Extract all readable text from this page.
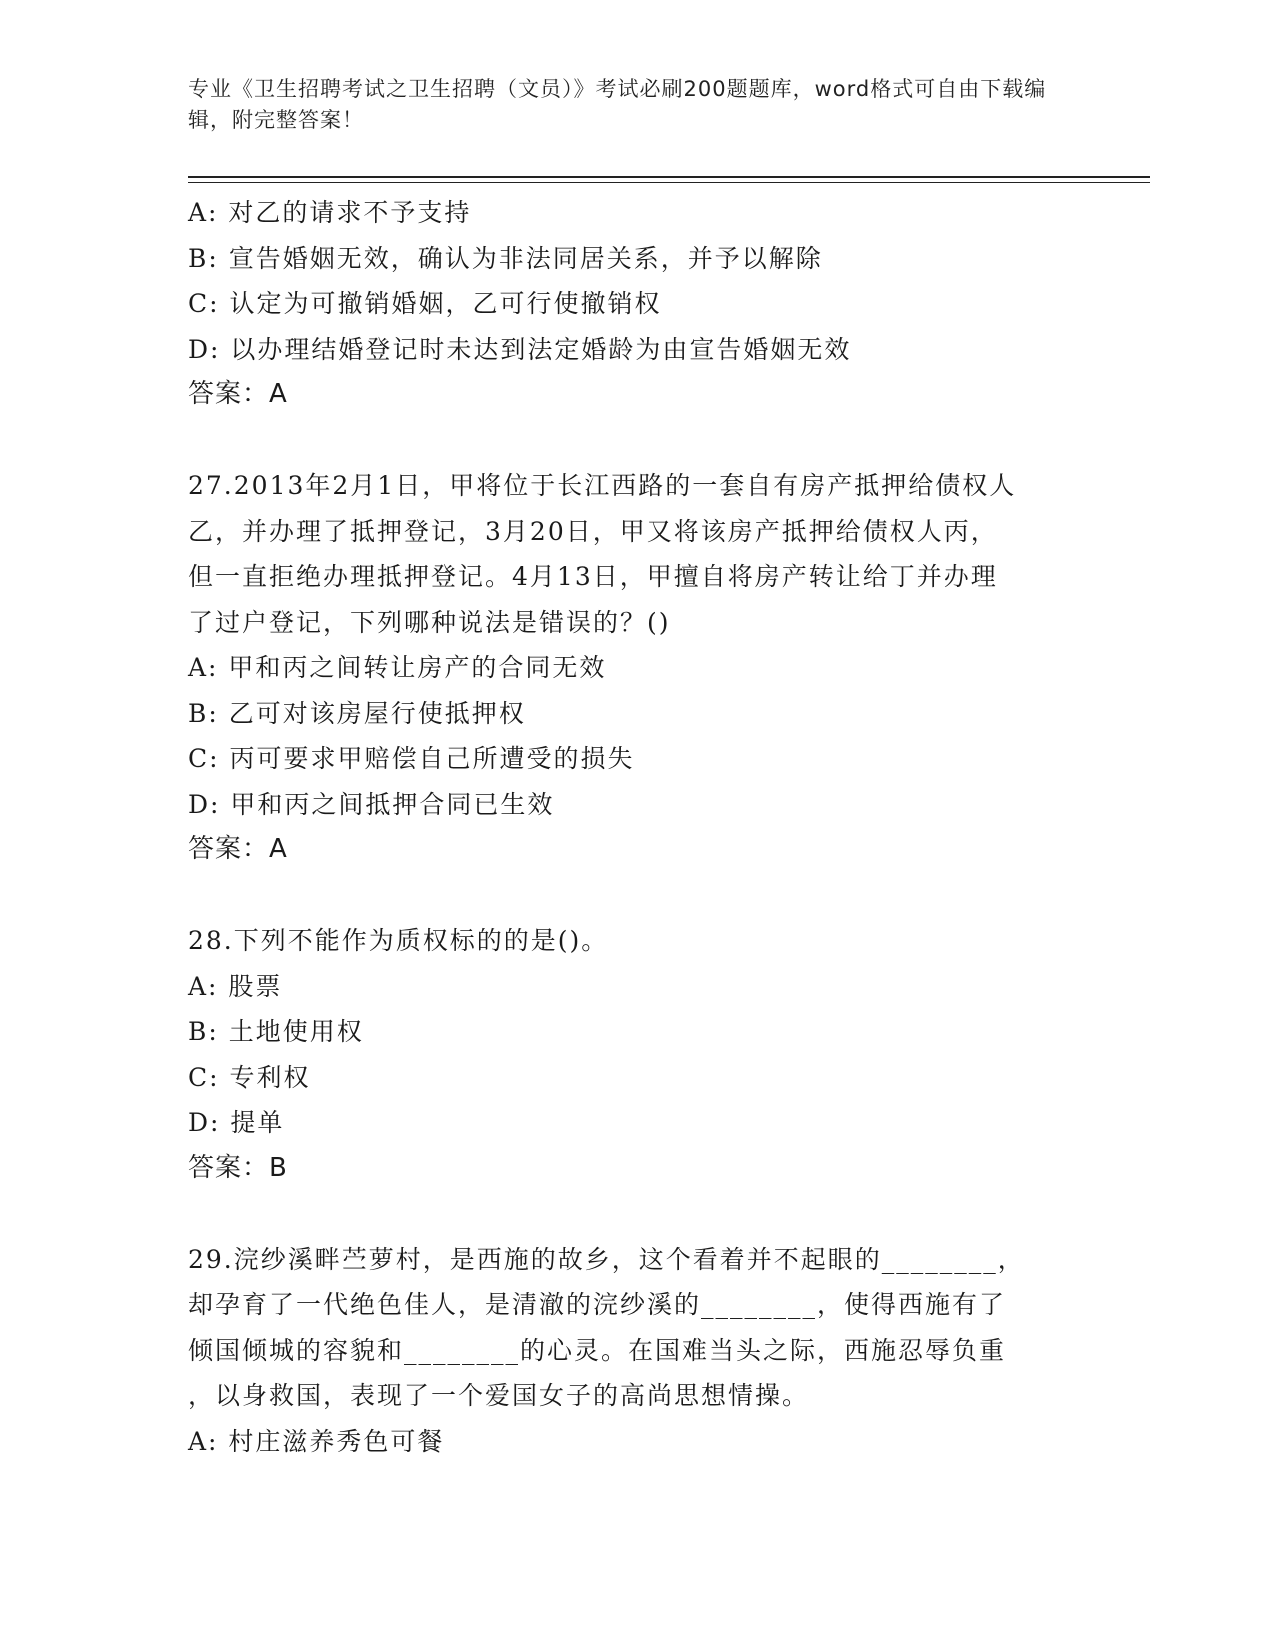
专业《卫生招聘考试之卫生招聘（文员）》考试必刷200题题库，word格式可自由下载编辑，附完整答案！
A: 对乙的请求不予支持
B: 宣告婚姻无效，确认为非法同居关系，并予以解除
C: 认定为可撤销婚姻，乙可行使撤销权
D: 以办理结婚登记时未达到法定婚龄为由宣告婚姻无效
答案：A
27.2013年2月1日，甲将位于长江西路的一套自有房产抵押给债权人
乙，并办理了抵押登记，3月20日，甲又将该房产抵押给债权人丙，
但一直拒绝办理抵押登记。4月13日，甲擅自将房产转让给丁并办理
了过户登记，下列哪种说法是错误的？()
A: 甲和丙之间转让房产的合同无效
B: 乙可对该房屋行使抵押权
C: 丙可要求甲赔偿自己所遭受的损失
D: 甲和丙之间抵押合同已生效
答案：A
28.下列不能作为质权标的的是()。
A: 股票
B: 土地使用权
C: 专利权
D: 提单
答案：B
29.浣纱溪畔苎萝村，是西施的故乡，这个看着并不起眼的________，
却孕育了一代绝色佳人，是清澈的浣纱溪的________，使得西施有了
倾国倾城的容貌和________的心灵。在国难当头之际，西施忍辱负重
，以身救国，表现了一个爱国女子的高尚思想情操。
A: 村庄滋养秀色可餐
